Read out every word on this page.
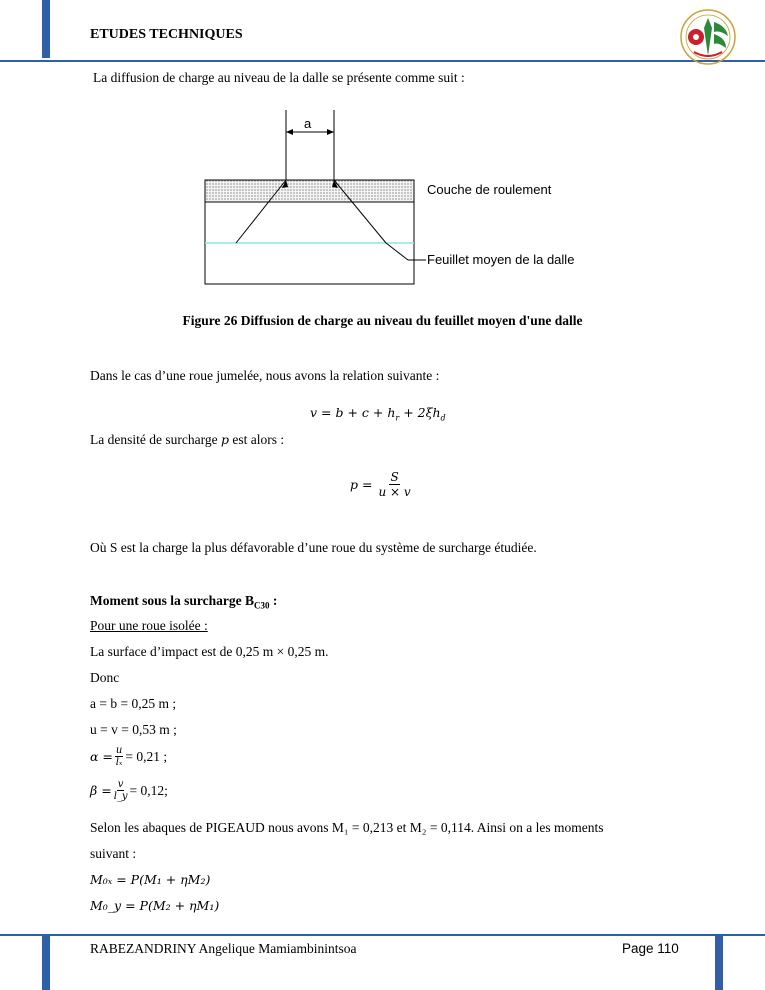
ETUDES TECHNIQUES
La diffusion de charge au niveau de la dalle se présente comme suit :
a
Couche de roulement
Feuillet moyen de la dalle
Figure 26 Diffusion de charge au niveau du feuillet moyen d'une dalle
Dans le cas d’une roue jumelée, nous avons la relation suivante :
$v = b + c + h_r + 2\xi h_d$
La densité de surcharge p est alors :
$p = \frac{S}{u \times v}$
Où S est la charge la plus défavorable d’une roue du système de surcharge étudiée.
Moment sous la surcharge $B_{C30}$ :
Pour une roue isolée :
La surface d’impact est de 0,25 m × 0,25 m.
Donc
a = b = 0,25 m ;
u = v = 0,53 m ;
$\alpha = \frac{u}{\text{lₓ}} = 0,21$ ;
$\beta = \frac{v}{l\_y} = 0,12$;
Selon les abaques de PIGEAUD nous avons M₁ = 0,213 et M₂ = 0,114. Ainsi on a les moments
suivant :
M₀ₓ = P(M₁ + ηM₂)
M₀_y = P(M₂ + ηM₁)
RABEZANDRINY Angelique Mamiambinintsoa	Page 110
